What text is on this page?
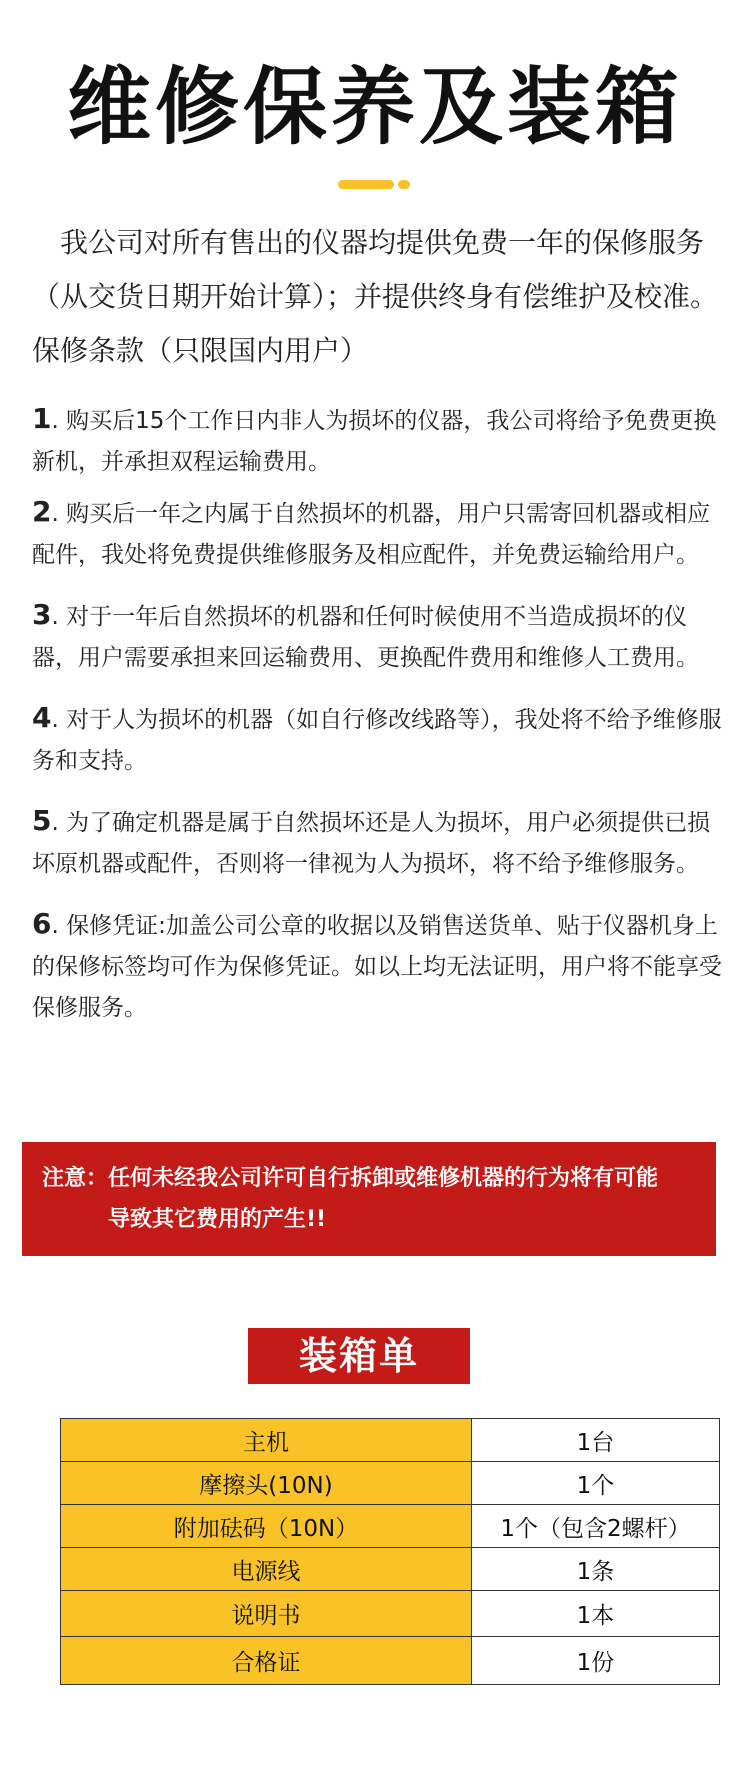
维修保养及装箱

我公司对所有售出的仪器均提供免费一年的保修服务（从交货日期开始计算）；并提供终身有偿维护及校准。保修条款（只限国内用户）

1. 购买后15个工作日内非人为损坏的仪器，我公司将给予免费更换新机，并承担双程运输费用。

2. 购买后一年之内属于自然损坏的机器，用户只需寄回机器或相应配件，我处将免费提供维修服务及相应配件，并免费运输给用户。

3. 对于一年后自然损坏的机器和任何时候使用不当造成损坏的仪器，用户需要承担来回运输费用、更换配件费用和维修人工费用。

4. 对于人为损坏的机器（如自行修改线路等），我处将不给予维修服务和支持。

5. 为了确定机器是属于自然损坏还是人为损坏，用户必须提供已损坏原机器或配件，否则将一律视为人为损坏，将不给予维修服务。

6. 保修凭证:加盖公司公章的收据以及销售送货单、贴于仪器机身上的保修标签均可作为保修凭证。如以上均无法证明，用户将不能享受保修服务。

注意： 任何未经我公司许可自行拆卸或维修机器的行为将有可能
导致其它费用的产生!!
装箱单
主机	1台
摩擦头(10N)	1个
附加砝码（10N）	1个（包含2螺杆）
电源线	1条
说明书	1本
合格证	1份
